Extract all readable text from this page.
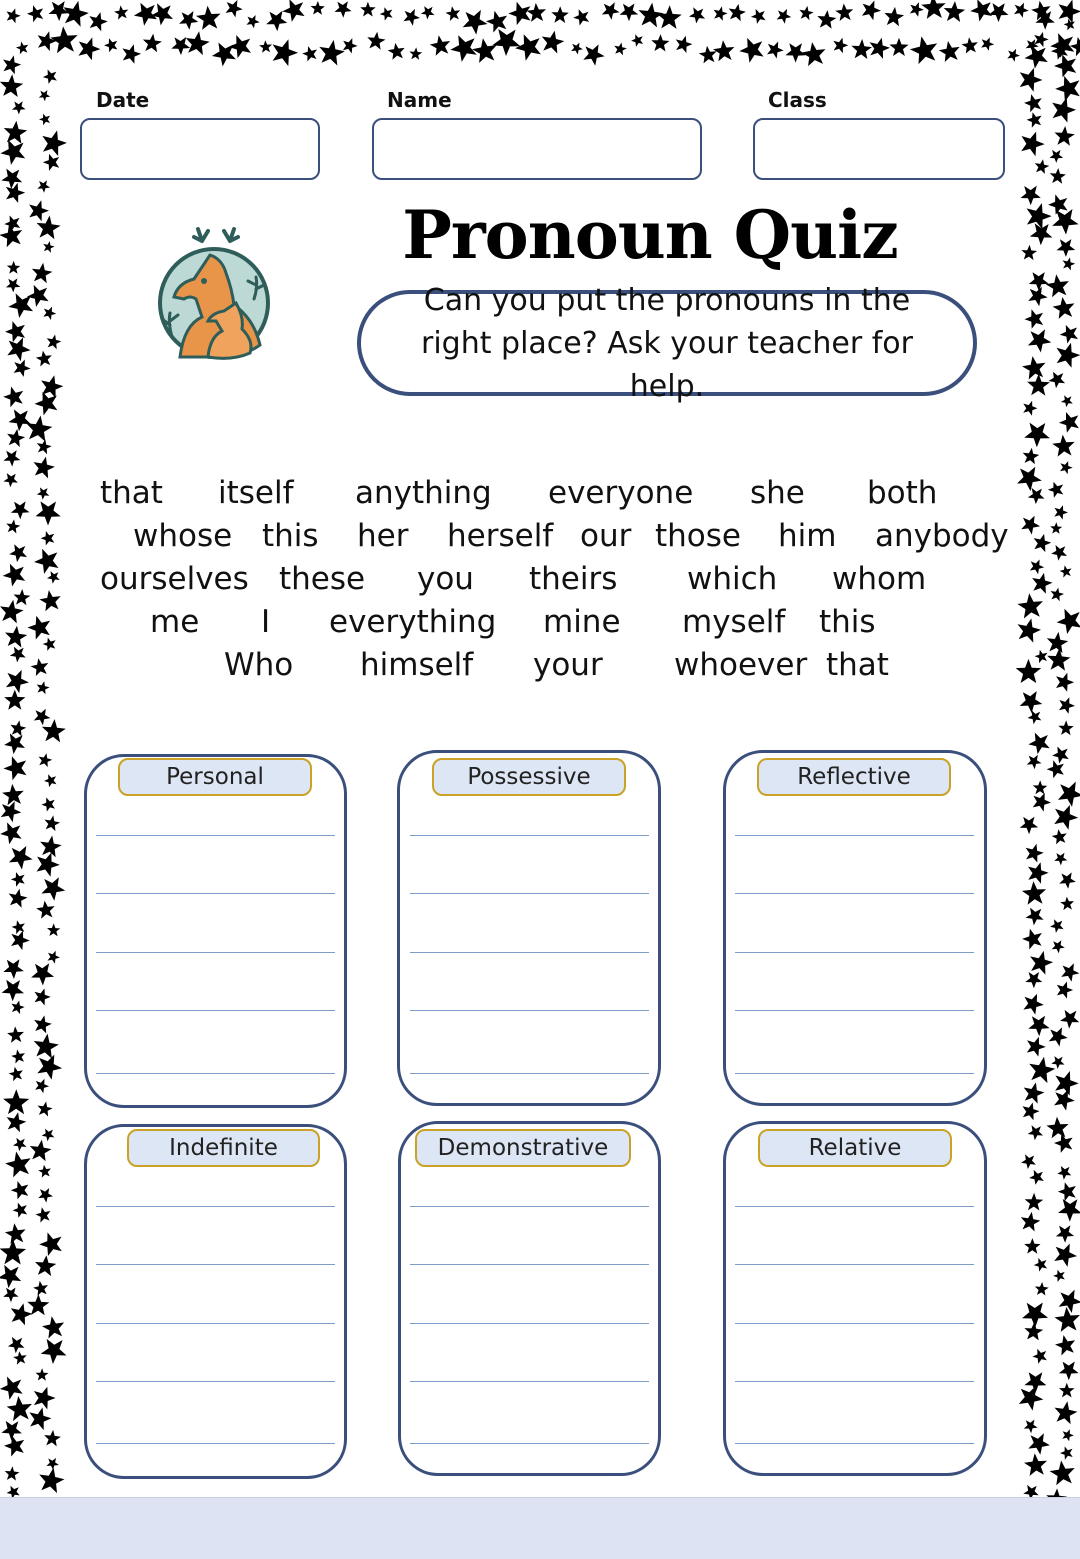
Date	Name	Class
Pronoun Quiz
Can you put the pronouns in the right place? Ask your teacher for help.
that itself anything everyone she both
whose this her herself our those him anybody
ourselves these you theirs which whom
me I everything mine myself this
Who himself your whoever that
Personal	Possessive	Reflective
Indefinite	Demonstrative	Relative
